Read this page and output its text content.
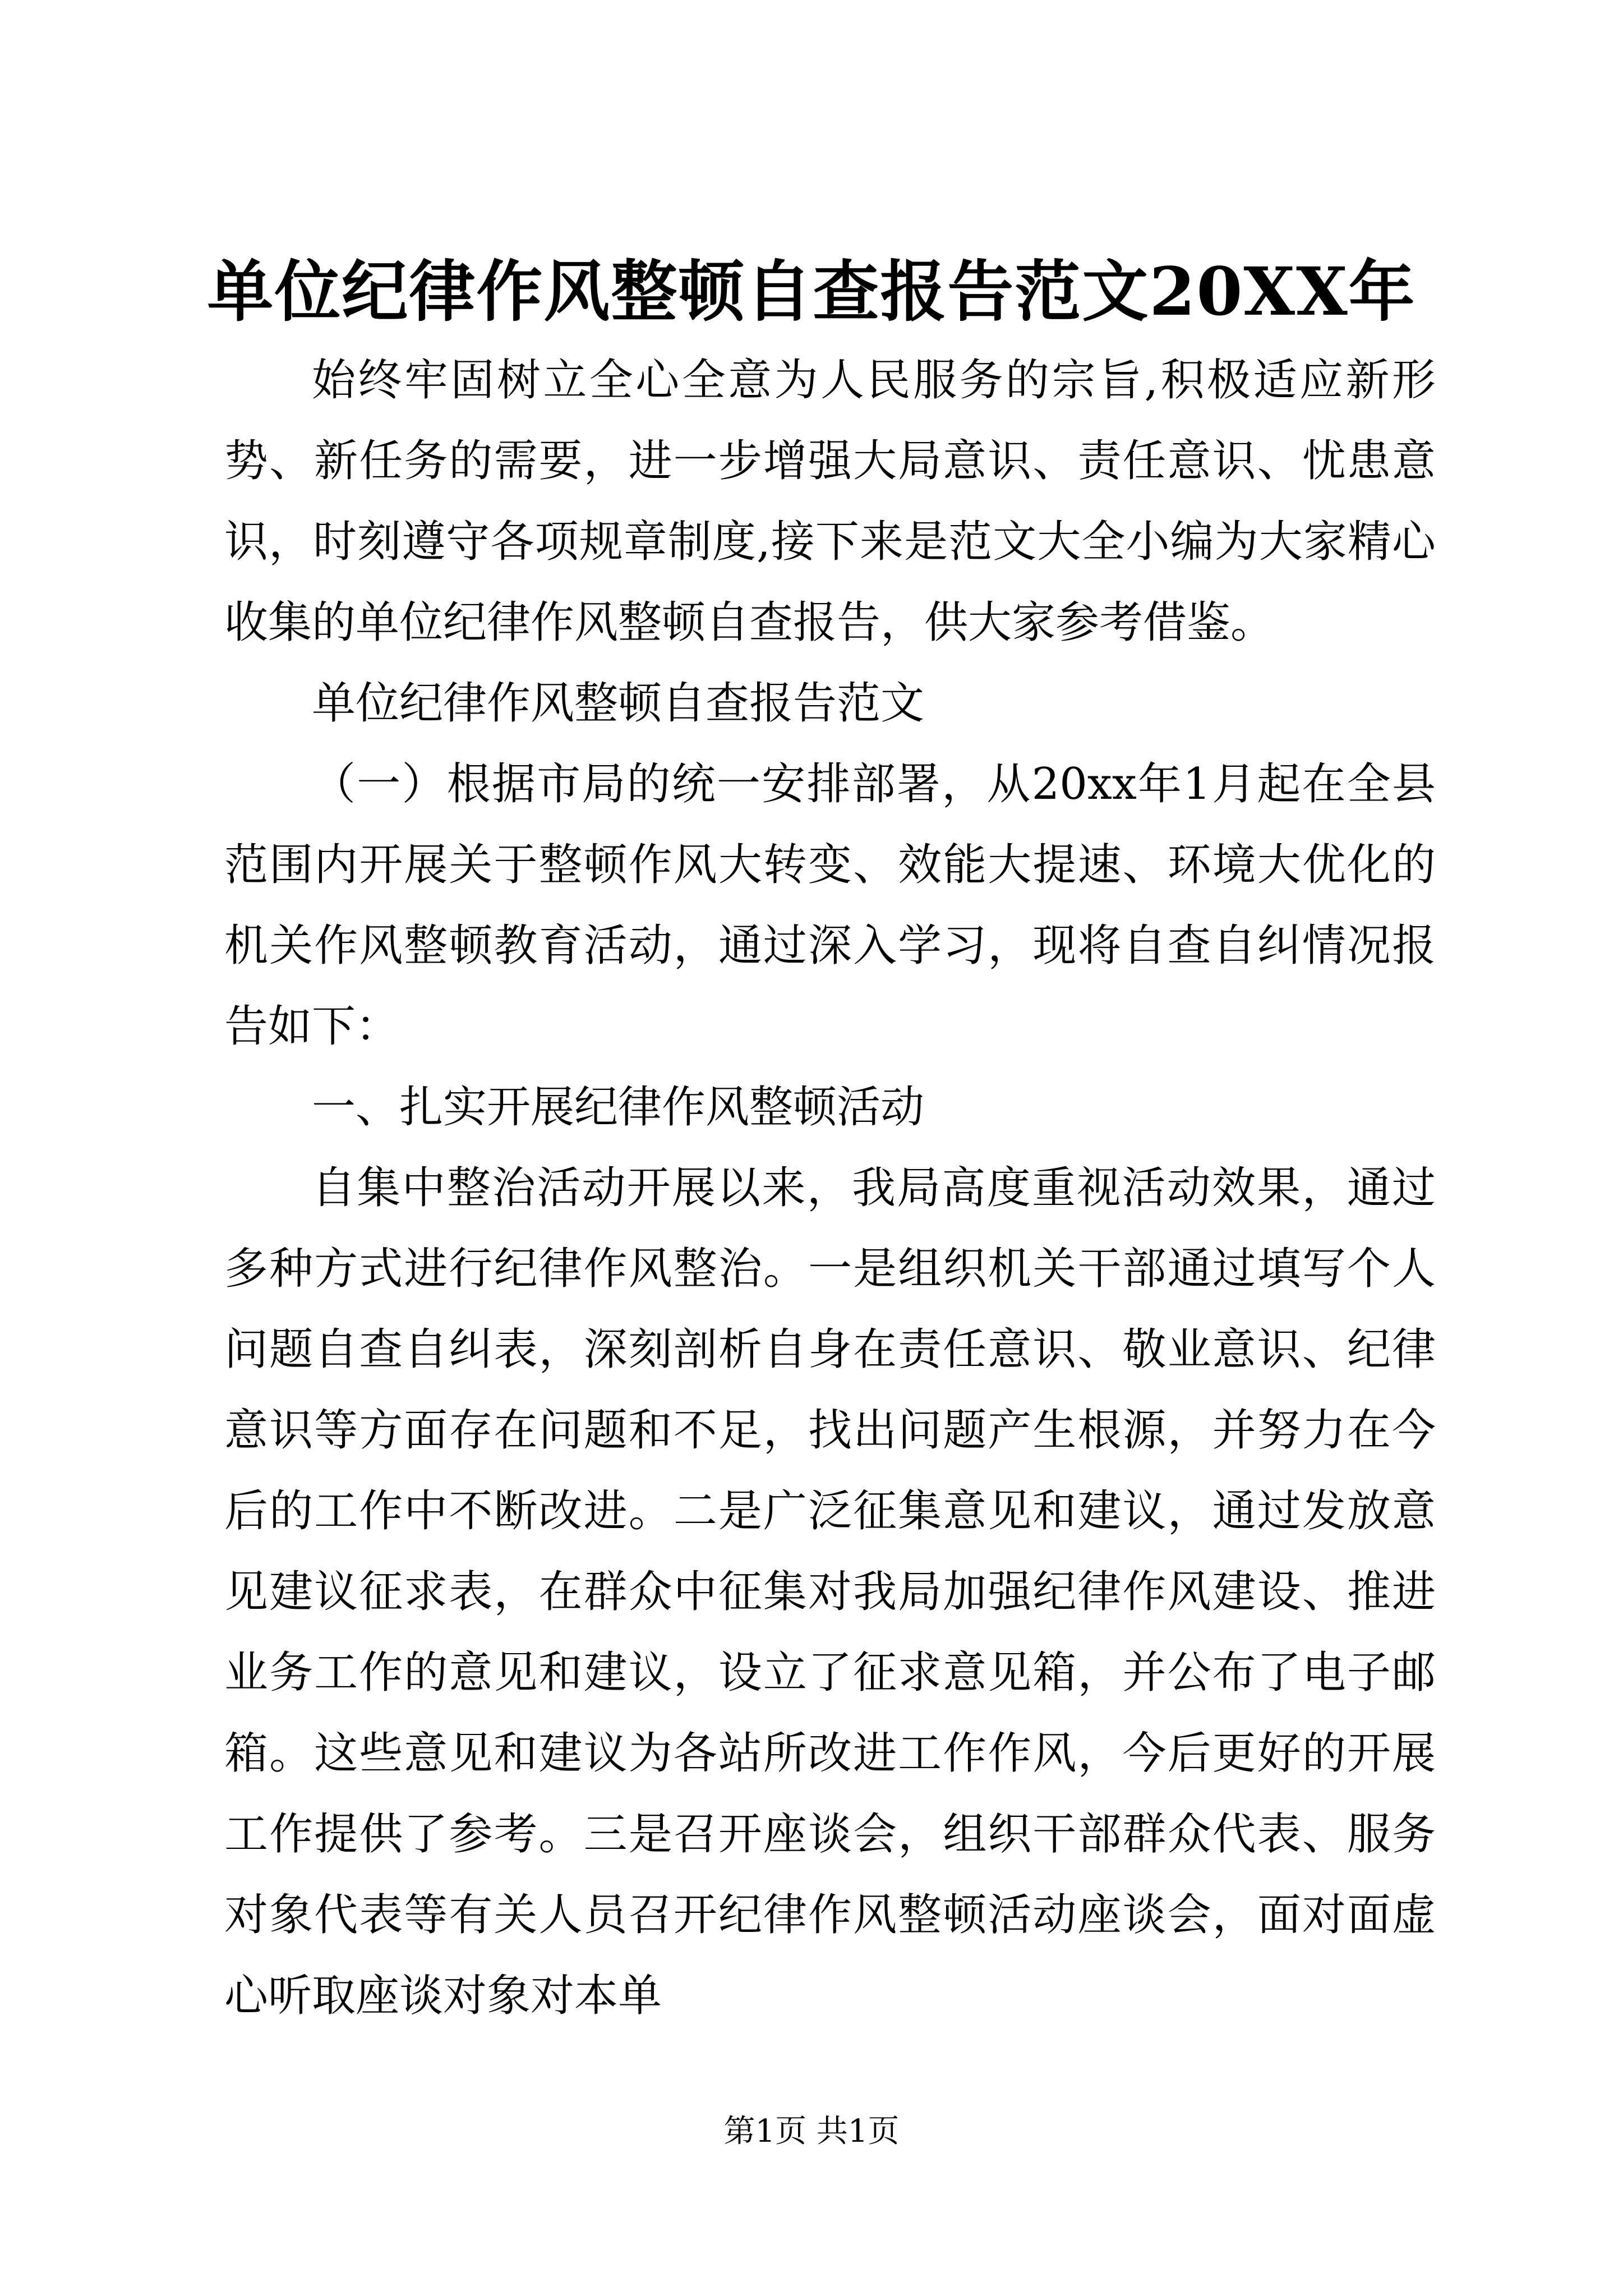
单位纪律作风整顿自查报告范文20XX年

始终牢固树立全心全意为人民服务的宗旨,积极适应新形势、新任务的需要，进一步增强大局意识、责任意识、忧患意识，时刻遵守各项规章制度,接下来是范文大全小编为大家精心收集的单位纪律作风整顿自查报告，供大家参考借鉴。

单位纪律作风整顿自查报告范文

（一）根据市局的统一安排部署，从20xx年1月起在全县范围内开展关于整顿作风大转变、效能大提速、环境大优化的机关作风整顿教育活动，通过深入学习，现将自查自纠情况报告如下：

一、扎实开展纪律作风整顿活动

自集中整治活动开展以来，我局高度重视活动效果，通过多种方式进行纪律作风整治。一是组织机关干部通过填写个人问题自查自纠表，深刻剖析自身在责任意识、敬业意识、纪律意识等方面存在问题和不足，找出问题产生根源，并努力在今后的工作中不断改进。二是广泛征集意见和建议，通过发放意见建议征求表，在群众中征集对我局加强纪律作风建设、推进业务工作的意见和建议，设立了征求意见箱，并公布了电子邮箱。这些意见和建议为各站所改进工作作风，今后更好的开展工作提供了参考。三是召开座谈会，组织干部群众代表、服务对象代表等有关人员召开纪律作风整顿活动座谈会，面对面虚心听取座谈对象对本单

第1页 共1页
